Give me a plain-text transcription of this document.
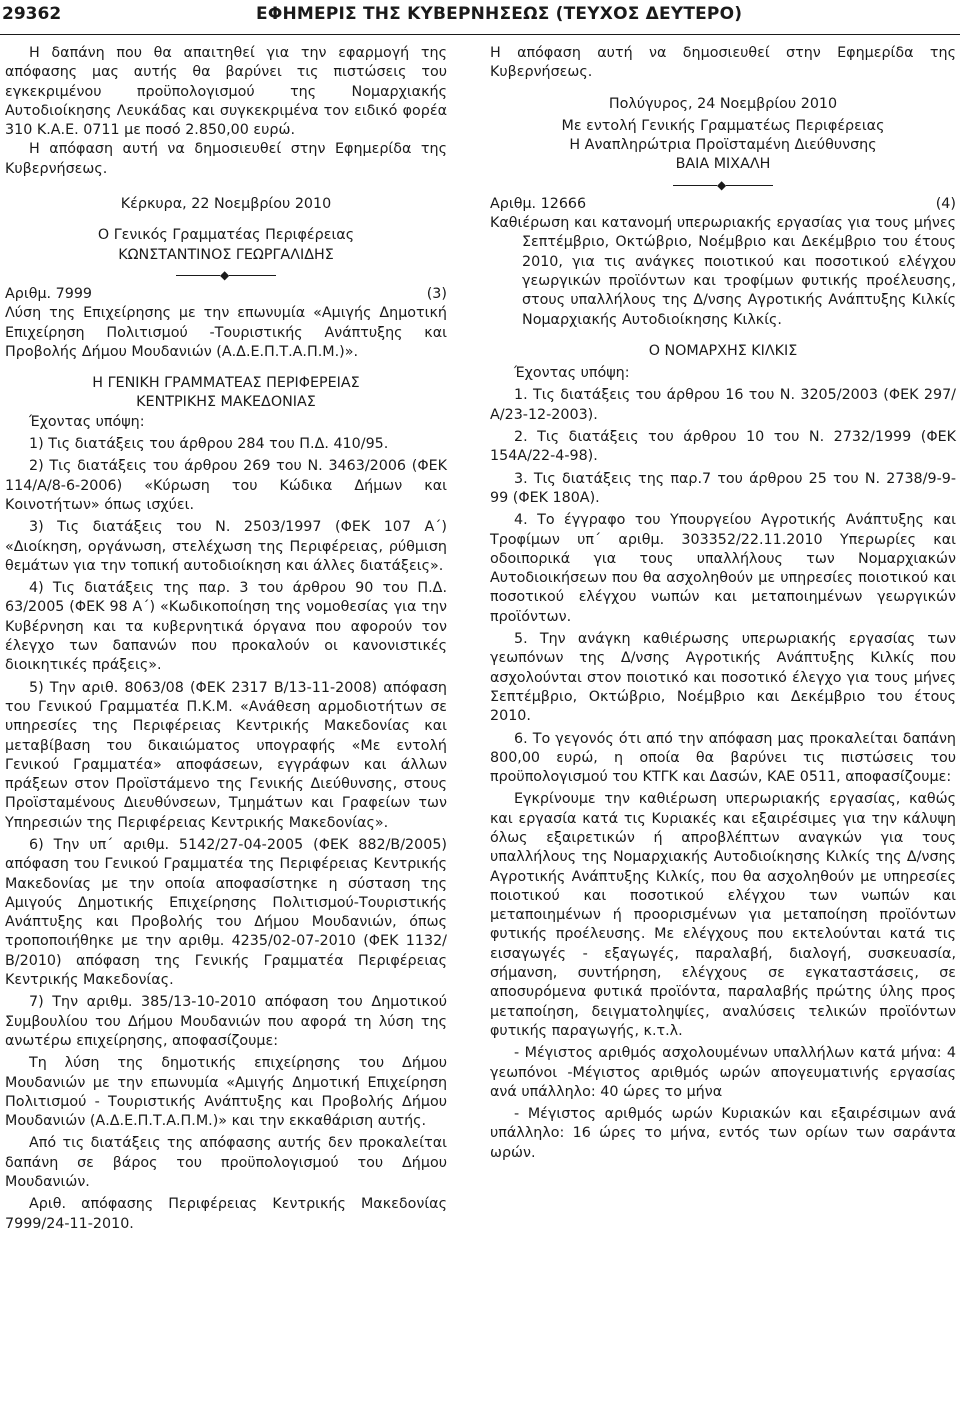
29362	ΕΦΗΜΕΡΙΣ ΤΗΣ ΚΥΒΕΡΝΗΣΕΩΣ (ΤΕΥΧΟΣ ΔΕΥΤΕΡΟ)

Η δαπάνη που θα απαιτηθεί για την εφαρμογή της απόφασης μας αυτής θα βαρύνει τις πιστώσεις του εγκεκριμένου προϋπολογισμού της Νομαρχιακής Αυτοδιοίκησης Λευκάδας και συγκεκριμένα τον ειδικό φορέα 310 Κ.Α.Ε. 0711 με ποσό 2.850,00 ευρώ.

Η απόφαση αυτή να δημοσιευθεί στην Εφημερίδα της Κυβερνήσεως.

Κέρκυρα, 22 Νοεμβρίου 2010

Ο Γενικός Γραμματέας Περιφέρειας

ΚΩΝΣΤΑΝΤΙΝΟΣ ΓΕΩΡΓΑΛΙΔΗΣ

◆
Αριθμ. 7999	(3)

Λύση της Επιχείρησης με την επωνυμία «Αμιγής Δημοτική Επιχείρηση Πολιτισμού -Τουριστικής Ανάπτυξης και Προβολής Δήμου Μουδανιών (Α.Δ.Ε.Π.Τ.Α.Π.Μ.)».

Η ΓΕΝΙΚΗ ΓΡΑΜΜΑΤΕΑΣ ΠΕΡΙΦΕΡΕΙΑΣ

ΚΕΝΤΡΙΚΗΣ ΜΑΚΕΔΟΝΙΑΣ

Έχοντας υπόψη:

1) Τις διατάξεις του άρθρου 284 του Π.Δ. 410/95.

2) Τις διατάξεις του άρθρου 269 του Ν. 3463/2006 (ΦΕΚ 114/Α/8-6-2006) «Κύρωση του Κώδικα Δήμων και Κοινοτήτων» όπως ισχύει.

3) Τις διατάξεις του Ν. 2503/1997 (ΦΕΚ 107 Α΄) «Διοίκηση, οργάνωση, στελέχωση της Περιφέρειας, ρύθμιση θεμάτων για την τοπική αυτοδιοίκηση και άλλες διατάξεις».

4) Τις διατάξεις της παρ. 3 του άρθρου 90 του Π.Δ. 63/2005 (ΦΕΚ 98 Α΄) «Κωδικοποίηση της νομοθεσίας για την Κυβέρνηση και τα κυβερνητικά όργανα που αφορούν τον έλεγχο των δαπανών που προκαλούν οι κανονιστικές διοικητικές πράξεις».

5) Την αριθ. 8063/08 (ΦΕΚ 2317 Β/13-11-2008) απόφαση του Γενικού Γραμματέα Π.Κ.Μ. «Ανάθεση αρμοδιοτήτων σε υπηρεσίες της Περιφέρειας Κεντρικής Μακεδονίας και μεταβίβαση του δικαιώματος υπογραφής «Με εντολή Γενικού Γραμματέα» αποφάσεων, εγγράφων και άλλων πράξεων στον Προϊστάμενο της Γενικής Διεύθυνσης, στους Προϊσταμένους Διευθύνσεων, Τμημάτων και Γραφείων των Υπηρεσιών της Περιφέρειας Κεντρικής Μακεδονίας».

6) Την υπ΄ αριθμ. 5142/27-04-2005 (ΦΕΚ 882/Β/2005) απόφαση του Γενικού Γραμματέα της Περιφέρειας Κεντρικής Μακεδονίας με την οποία αποφασίστηκε η σύσταση της Αμιγούς Δημοτικής Επιχείρησης Πολιτισμού-Τουριστικής Ανάπτυξης και Προβολής του Δήμου Μουδανιών, όπως τροποποιήθηκε με την αριθμ. 4235/02-07-2010 (ΦΕΚ 1132/Β/2010) απόφαση της Γενικής Γραμματέα Περιφέρειας Κεντρικής Μακεδονίας.

7) Την αριθμ. 385/13-10-2010 απόφαση του Δημοτικού Συμβουλίου του Δήμου Μουδανιών που αφορά τη λύση της ανωτέρω επιχείρησης, αποφασίζουμε:

Τη λύση της δημοτικής επιχείρησης του Δήμου Μουδανιών με την επωνυμία «Αμιγής Δημοτική Επιχείρηση Πολιτισμού - Τουριστικής Ανάπτυξης και Προβολής Δήμου Μουδανιών (Α.Δ.Ε.Π.Τ.Α.Π.Μ.)» και την εκκαθάριση αυτής.

Από τις διατάξεις της απόφασης αυτής δεν προκαλείται δαπάνη σε βάρος του προϋπολογισμού του Δήμου Μουδανιών.

Αριθ. απόφασης Περιφέρειας Κεντρικής Μακεδονίας 7999/24-11-2010.

Η απόφαση αυτή να δημοσιευθεί στην Εφημερίδα της Κυβερνήσεως.

Πολύγυρος, 24 Νοεμβρίου 2010

Με εντολή Γενικής Γραμματέως Περιφέρειας

Η Αναπληρώτρια Προϊσταμένη Διεύθυνσης

ΒΑΙΑ ΜΙΧΑΛΗ

◆
Αριθμ. 12666	(4)

Καθιέρωση και κατανομή υπερωριακής εργασίας για τους μήνες Σεπτέμβριο, Οκτώβριο, Νοέμβριο και Δεκέμβριο του έτους 2010, για τις ανάγκες ποιοτικού και ποσοτικού ελέγχου γεωργικών προϊόντων και τροφίμων φυτικής προέλευσης, στους υπαλλήλους της Δ/νσης Αγροτικής Ανάπτυξης Κιλκίς Νομαρχιακής Αυτοδιοίκησης Κιλκίς.

Ο ΝΟΜΑΡΧΗΣ ΚΙΛΚΙΣ

Έχοντας υπόψη:

1. Τις διατάξεις του άρθρου 16 του Ν. 3205/2003 (ΦΕΚ 297/Α/23-12-2003).

2. Τις διατάξεις του άρθρου 10 του Ν. 2732/1999 (ΦΕΚ 154Α/22-4-98).

3. Τις διατάξεις της παρ.7 του άρθρου 25 του Ν. 2738/9-9-99 (ΦΕΚ 180Α).

4. Το έγγραφο του Υπουργείου Αγροτικής Ανάπτυξης και Τροφίμων υπ΄ αριθμ. 303352/22.11.2010 Υπερωρίες και οδοιπορικά για τους υπαλλήλους των Νομαρχιακών Αυτοδιοικήσεων που θα ασχοληθούν με υπηρεσίες ποιοτικού και ποσοτικού ελέγχου νωπών και μεταποιημένων γεωργικών προϊόντων.

5. Την ανάγκη καθιέρωσης υπερωριακής εργασίας των γεωπόνων της Δ/νσης Αγροτικής Ανάπτυξης Κιλκίς που ασχολούνται στον ποιοτικό και ποσοτικό έλεγχο για τους μήνες Σεπτέμβριο, Οκτώβριο, Νοέμβριο και Δεκέμβριο του έτους 2010.

6. Το γεγονός ότι από την απόφαση μας προκαλείται δαπάνη 800,00 ευρώ, η οποία θα βαρύνει τις πιστώσεις του προϋπολογισμού του ΚΤΓΚ και Δασών, ΚΑΕ 0511, αποφασίζουμε:

Εγκρίνουμε την καθιέρωση υπερωριακής εργασίας, καθώς και εργασία κατά τις Κυριακές και εξαιρέσιμες για την κάλυψη όλως εξαιρετικών ή απροβλέπτων αναγκών για τους υπαλλήλους της Νομαρχιακής Αυτοδιοίκησης Κιλκίς της Δ/νσης Αγροτικής Ανάπτυξης Κιλκίς, που θα ασχοληθούν με υπηρεσίες ποιοτικού και ποσοτικού ελέγχου των νωπών και μεταποιημένων ή προορισμένων για μεταποίηση προϊόντων φυτικής προέλευσης. Με ελέγχους που εκτελούνται κατά τις εισαγωγές - εξαγωγές, παραλαβή, διαλογή, συσκευασία, σήμανση, συντήρηση, ελέγχους σε εγκαταστάσεις, σε απoσυρόμενα φυτικά προϊόντα, παραλαβής πρώτης ύλης προς μεταποίηση, δειγματοληψίες, αναλύσεις τελικών προϊόντων φυτικής παραγωγής, κ.τ.λ.

- Μέγιστος αριθμός ασχολουμένων υπαλλήλων κατά μήνα: 4 γεωπόνοι -Μέγιστος αριθμός ωρών απογευματινής εργασίας ανά υπάλληλο: 40 ώρες το μήνα

- Μέγιστος αριθμός ωρών Κυριακών και εξαιρέσιμων ανά υπάλληλο: 16 ώρες το μήνα, εντός των ορίων των σαράντα ωρών.
